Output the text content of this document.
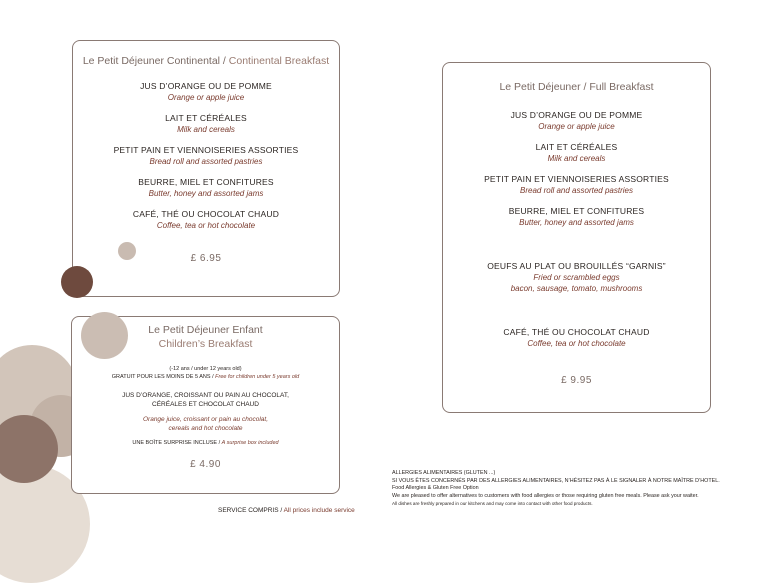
Le Petit Déjeuner Continental / Continental Breakfast
JUS D’ORANGE OU DE POMME
Orange or apple juice
LAIT ET CÉRÉALES
Milk and cereals
PETIT PAIN ET VIENNOISERIES ASSORTIES
Bread roll and assorted pastries
BEURRE, MIEL ET CONFITURES
Butter, honey and assorted jams
CAFÉ, THÉ OU CHOCOLAT CHAUD
Coffee, tea or hot chocolate
£ 6.95
Le Petit Déjeuner / Full Breakfast
JUS D’ORANGE OU DE POMME
Orange or apple juice
LAIT ET CÉRÉALES
Milk and cereals
PETIT PAIN ET VIENNOISERIES ASSORTIES
Bread roll and assorted pastries
BEURRE, MIEL ET CONFITURES
Butter, honey and assorted jams
OEUFS AU PLAT OU BROUILLÉS “GARNIS”
Fried or scrambled eggs
bacon, sausage, tomato, mushrooms
CAFÉ, THÉ OU CHOCOLAT CHAUD
Coffee, tea or hot chocolate
£ 9.95
Le Petit Déjeuner Enfant
Children’s Breakfast
(-12 ans / under 12 years old)
GRATUIT POUR LES MOINS DE 5 ANS / Free for children under 5 years old
JUS D’ORANGE, CROISSANT OU PAIN AU CHOCOLAT,
CÉRÉALES ET CHOCOLAT CHAUD
Orange juice, croissant or pain au chocolat,
cereals and hot chocolate
UNE BOÎTE SURPRISE INCLUSE / A surprise box included
£ 4.90
SERVICE COMPRIS / All prices include service
ALLERGIES ALIMENTAIRES (GLUTEN ...)
SI VOUS ÊTES CONCERNÉS PAR DES ALLERGIES ALIMENTAIRES, N’HÉSITEZ PAS À LE SIGNALER À NOTRE MAÎTRE D’HOTEL.
Food Allergies & Gluten Free Option
We are pleased to offer alternatives to customers with food allergies or those requiring gluten free meals. Please ask your waiter.
All dishes are freshly prepared in our kitchens and may come into contact with other food products.
